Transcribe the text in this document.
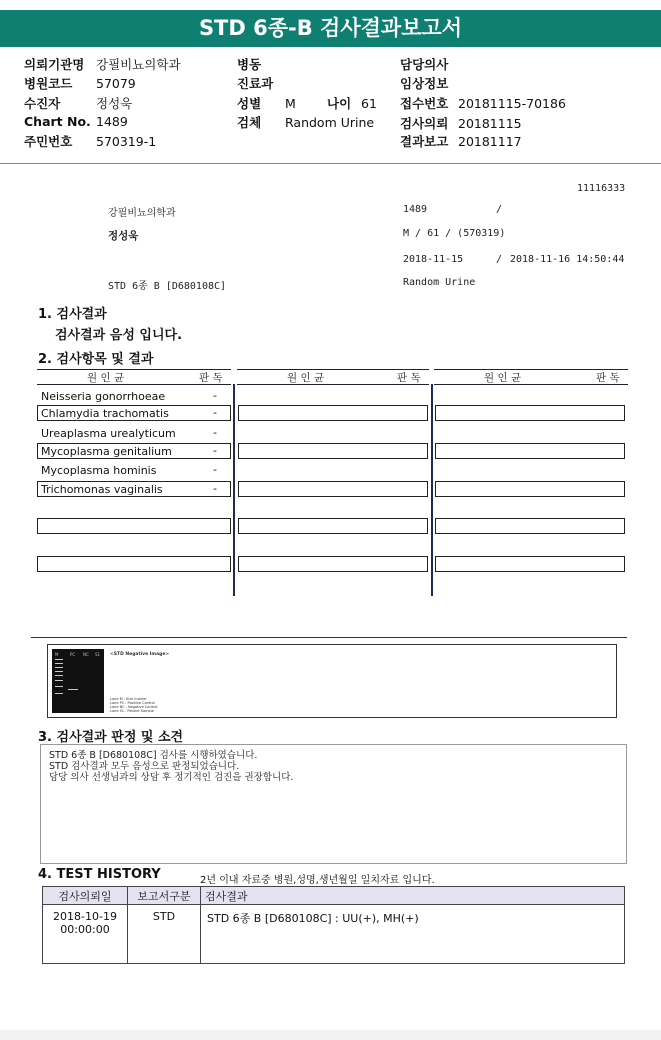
STD 6종-B 검사결과보고서
의뢰기관명 강필비뇨의학과
병원코드 57079
수진자	정성욱
Chart No. 1489
주민번호 570319-1
병동
진료과
성별 M 나이 61
검체 Random Urine
담당의사
임상정보
접수번호 20181115-70186
검사의뢰 20181115
결과보고 20181117
11116333
강필비뇨의학과	1489	/
정성욱	M / 61 / (570319)
2018-11-15	/ 2018-11-16 14:50:44
STD 6종 B [D680108C]	Random Urine
1. 검사결과
검사결과 음성 입니다.
2. 검사항목 및 결과
원 인 균	판 독	원 인 균	판 독	원 인 균	판 독
Neisseria gonorrhoeae	-
Chlamydia trachomatis	-
Ureaplasma urealyticum	-
Mycoplasma genitalium	-
Mycoplasma hominis	-
Trichomonas vaginalis	-
M	PC NC S1 <STD Negative Image>
Lane M : Size marker
Lane PC : Positive Control
Lane NC : Negative Control
Lane S1 : Patient Sample
3. 검사결과 판정 및 소견
STD 6종 B [D680108C] 검사를 시행하였습니다.
STD 검사결과 모두 음성으로 판정되었습니다.
담당 의사 선생님과의 상담 후 정기적인 검진을 권장합니다.
4. TEST HISTORY	2년 이내 자료중 병원,성명,생년월일 일치자료 입니다.
검사의뢰일	보고서구분	검사결과

2018-10-19
00:00:00	STD	STD 6종 B [D680108C] : UU(+), MH(+)
